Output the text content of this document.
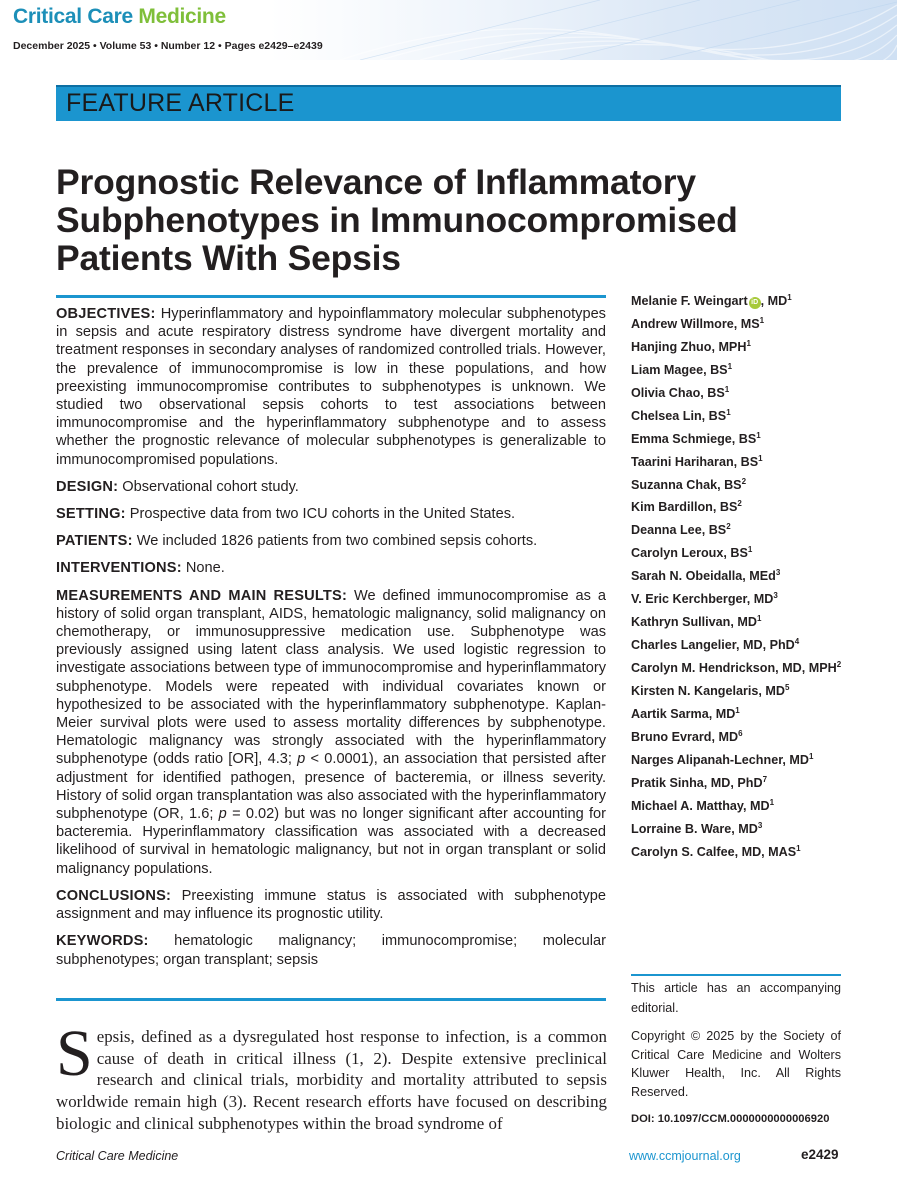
Critical Care Medicine
December 2025 • Volume 53 • Number 12 • Pages e2429–e2439
FEATURE ARTICLE
Prognostic Relevance of Inflammatory Subphenotypes in Immunocompromised Patients With Sepsis

OBJECTIVES: Hyperinflammatory and hypoinflammatory molecular subphenotypes in sepsis and acute respiratory distress syndrome have divergent mortality and treatment responses in secondary analyses of randomized controlled trials. However, the prevalence of immunocompromise is low in these populations, and how preexisting immunocompromise contributes to subphenotypes is unknown. We studied two observational sepsis cohorts to test associations between immunocompromise and the hyperinflammatory subphenotype and to assess whether the prognostic relevance of molecular subphenotypes is generalizable to immunocompromised populations.

DESIGN: Observational cohort study.

SETTING: Prospective data from two ICU cohorts in the United States.

PATIENTS: We included 1826 patients from two combined sepsis cohorts.

INTERVENTIONS: None.

MEASUREMENTS AND MAIN RESULTS: We defined immunocompromise as a history of solid organ transplant, AIDS, hematologic malignancy, solid malignancy on chemotherapy, or immunosuppressive medication use. Subphenotype was previously assigned using latent class analysis. We used logistic regression to investigate associations between type of immunocompromise and hyperinflammatory subphenotype. Models were repeated with individual covariates known or hypothesized to be associated with the hyperinflammatory subphenotype. Kaplan-Meier survival plots were used to assess mortality differences by subphenotype. Hematologic malignancy was strongly associated with the hyperinflammatory subphenotype (odds ratio [OR], 4.3; p < 0.0001), an association that persisted after adjustment for identified pathogen, presence of bacteremia, or illness severity. History of solid organ transplantation was also associated with the hyperinflammatory subphenotype (OR, 1.6; p = 0.02) but was no longer significant after accounting for bacteremia. Hyperinflammatory classification was associated with a decreased likelihood of survival in hematologic malignancy, but not in organ transplant or solid malignancy populations.

CONCLUSIONS: Preexisting immune status is associated with subphenotype assignment and may influence its prognostic utility.

KEYWORDS: hematologic malignancy; immunocompromise; molecular subphenotypes; organ transplant; sepsis

Sepsis, defined as a dysregulated host response to infection, is a common cause of death in critical illness (1, 2). Despite extensive preclinical research and clinical trials, morbidity and mortality attributed to sepsis worldwide remain high (3). Recent research efforts have focused on describing biologic and clinical subphenotypes within the broad syndrome of
Melanie F. Weingart iD , $MD^1$
Andrew Willmore, $MS^1$
Hanjing Zhuo, MPH$^1$
Liam Magee, $BS^1$
Olivia Chao, $BS^1$
Chelsea Lin, $BS^1$
Emma Schmiege, $BS^1$
Taarini Hariharan, $BS^1$
Suzanna Chak, $BS^2$
Kim Bardillon, $BS^2$
Deanna Lee, $BS^2$
Carolyn Leroux, $BS^1$
Sarah N. Obeidalla, MEd$^3$
V. Eric Kerchberger, $MD^3$
Kathryn Sullivan, $MD^1$
Charles Langelier, MD, PhD$^4$
Carolyn M. Hendrickson, MD, MPH$^2$
Kirsten N. Kangelaris, $MD^5$
Aartik Sarma, $MD^1$
Bruno Evrard, $MD^6$
Narges Alipanah-Lechner, $MD^1$
Pratik Sinha, MD, PhD$^7$
Michael A. Matthay, $MD^1$
Lorraine B. Ware, $MD^3$
Carolyn S. Calfee, MD, MAS$^1$
This article has an accompanying editorial.
Copyright © 2025 by the Society of Critical Care Medicine and Wolters Kluwer Health, Inc. All Rights Reserved.
DOI: 10.1097/CCM.0000000000006920
Critical Care Medicine	www.ccmjournal.org	e2429
